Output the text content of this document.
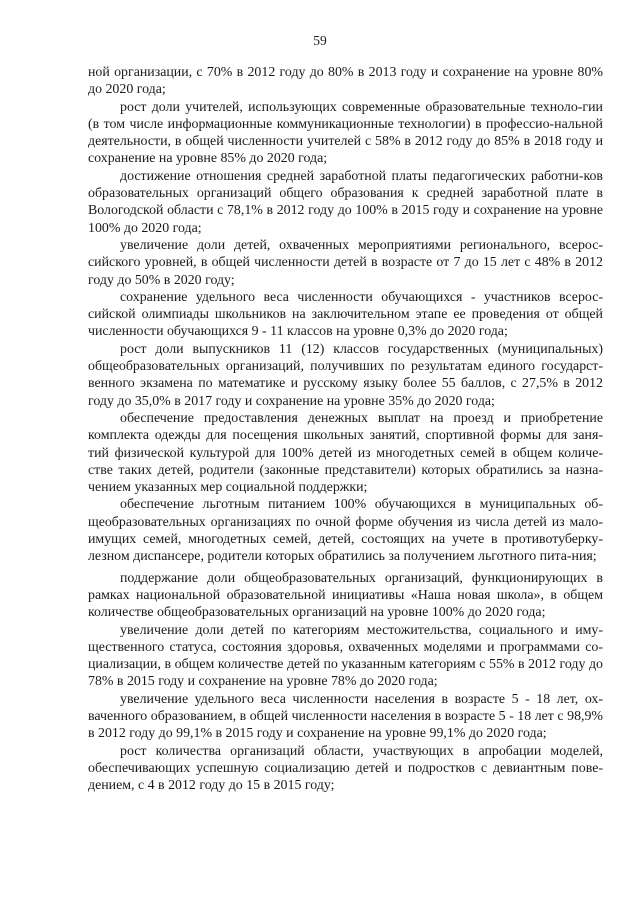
59

ной организации, с 70% в 2012 году до 80% в 2013 году и сохранение на уровне 80% до 2020 года;

рост доли учителей, использующих современные образовательные техноло-гии (в том числе информационные коммуникационные технологии) в профессио-нальной деятельности, в общей численности учителей с 58% в 2012 году до 85% в 2018 году и сохранение на уровне 85% до 2020 года;

достижение отношения средней заработной платы педагогических работни-ков образовательных организаций общего образования к средней заработной плате в Вологодской области с 78,1% в 2012 году до 100% в 2015 году и сохранение на уровне 100% до 2020 года;

увеличение доли детей, охваченных мероприятиями регионального, всерос-сийского уровней, в общей численности детей в возрасте от 7 до 15 лет с 48% в 2012 году до 50% в 2020 году;

сохранение удельного веса численности обучающихся - участников всерос-сийской олимпиады школьников на заключительном этапе ее проведения от общей численности обучающихся 9 - 11 классов на уровне 0,3% до 2020 года;

рост доли выпускников 11 (12) классов государственных (муниципальных) общеобразовательных организаций, получивших по результатам единого государст-венного экзамена по математике и русскому языку более 55 баллов, с 27,5% в 2012 году до 35,0% в 2017 году и сохранение на уровне 35% до 2020 года;

обеспечение предоставления денежных выплат на проезд и приобретение комплекта одежды для посещения школьных занятий, спортивной формы для заня-тий физической культурой для 100% детей из многодетных семей в общем количе-стве таких детей, родители (законные представители) которых обратились за назна-чением указанных мер социальной поддержки;

обеспечение льготным питанием 100% обучающихся в муниципальных об-щеобразовательных организациях по очной форме обучения из числа детей из мало-имущих семей, многодетных семей, детей, состоящих на учете в противотуберку-лезном диспансере, родители которых обратились за получением льготного пита-ния;

поддержание доли общеобразовательных организаций, функционирующих в рамках национальной образовательной инициативы «Наша новая школа», в общем количестве общеобразовательных организаций на уровне 100% до 2020 года;

увеличение доли детей по категориям местожительства, социального и иму-щественного статуса, состояния здоровья, охваченных моделями и программами со-циализации, в общем количестве детей по указанным категориям с 55% в 2012 году до 78% в 2015 году и сохранение на уровне 78% до 2020 года;

увеличение удельного веса численности населения в возрасте 5 - 18 лет, ох-ваченного образованием, в общей численности населения в возрасте 5 - 18 лет с 98,9% в 2012 году до 99,1% в 2015 году и сохранение на уровне 99,1% до 2020 года;

рост количества организаций области, участвующих в апробации моделей, обеспечивающих успешную социализацию детей и подростков с девиантным пове-дением, с 4 в 2012 году до 15 в 2015 году;
